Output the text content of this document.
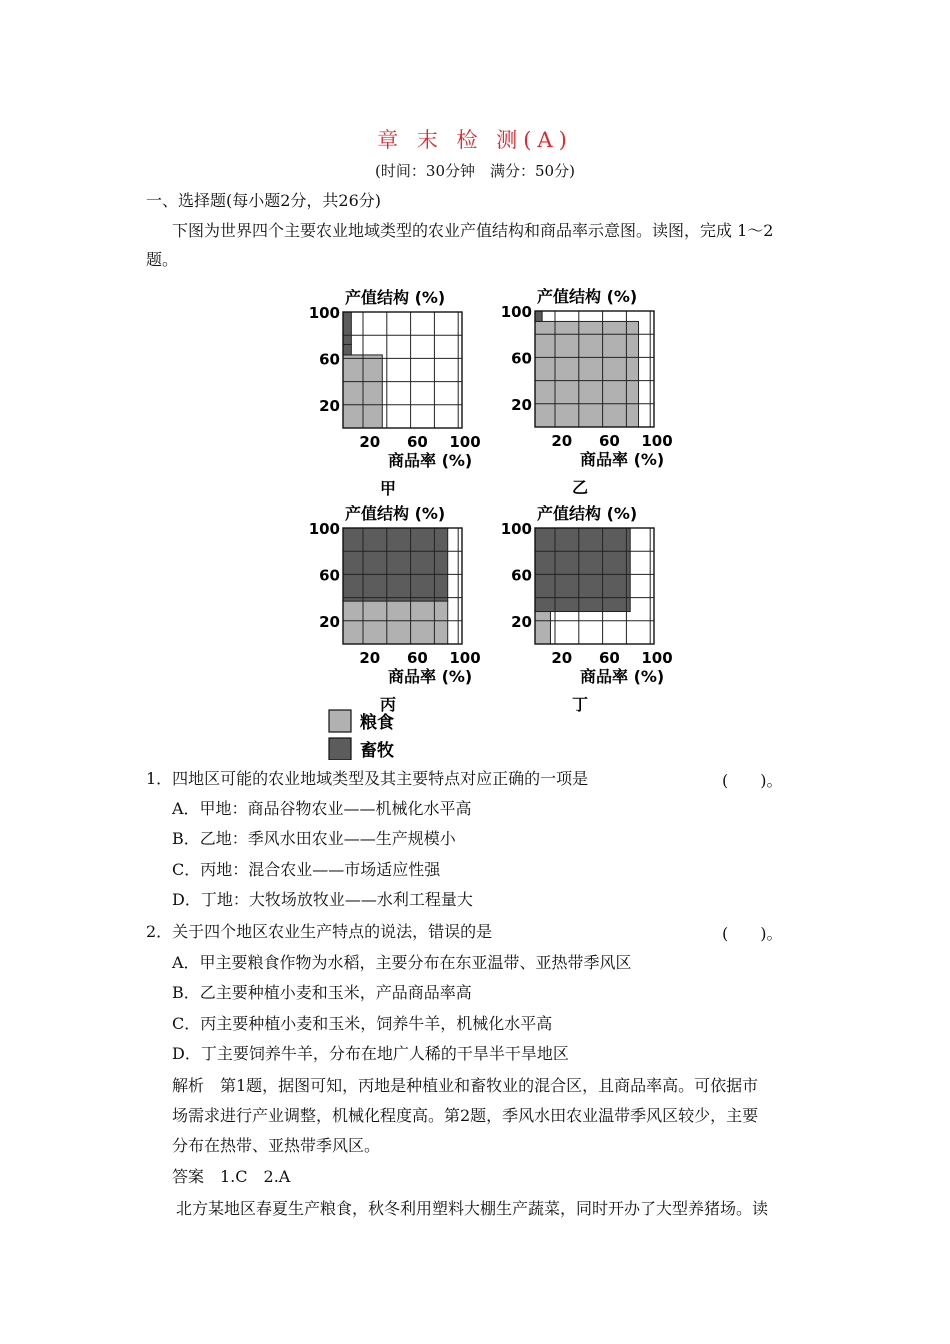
章 末 检 测(A)
(时间：30分钟　满分：50分)
一、选择题(每小题2分，共26分)
下图为世界四个主要农业地域类型的农业产值结构和商品率示意图。读图，完成 1～2
题。
产值结构 (%)
20
60
100
20 60 100
商品率 (%)
甲
产值结构 (%)
20
60
100
20 60 100
商品率 (%)
乙
产值结构 (%)
20
60
100
20 60 100
商品率 (%)
丙
产值结构 (%)
20
60
100
20 60 100
商品率 (%)
丁
粮食
畜牧
1．四地区可能的农业地域类型及其主要特点对应正确的一项是	(　　)。
A．甲地：商品谷物农业——机械化水平高
B．乙地：季风水田农业——生产规模小
C．丙地：混合农业——市场适应性强
D．丁地：大牧场放牧业——水利工程量大
2．关于四个地区农业生产特点的说法，错误的是	(　　)。
A．甲主要粮食作物为水稻，主要分布在东亚温带、亚热带季风区
B．乙主要种植小麦和玉米，产品商品率高
C．丙主要种植小麦和玉米，饲养牛羊，机械化水平高
D．丁主要饲养牛羊，分布在地广人稀的干旱半干旱地区
解析　第1题，据图可知，丙地是种植业和畜牧业的混合区，且商品率高。可依据市
场需求进行产业调整，机械化程度高。第2题，季风水田农业温带季风区较少，主要
分布在热带、亚热带季风区。
答案　1.C　2.A
北方某地区春夏生产粮食，秋冬利用塑料大棚生产蔬菜，同时开办了大型养猪场。读
